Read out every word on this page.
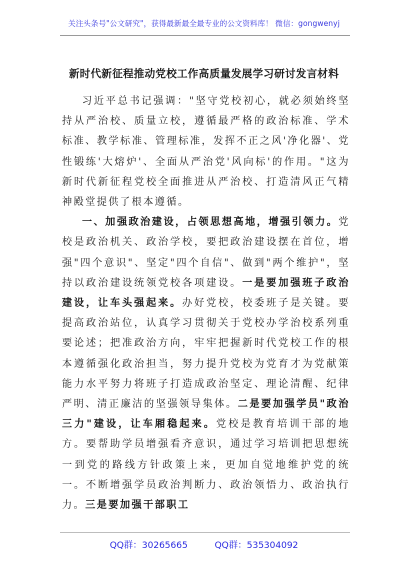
关注头条号"公文研究"，获得最新最全最专业的公文资料库！ 微信：gongwenyj
新时代新征程推动党校工作高质量发展学习研讨发言材料

习近平总书记强调："坚守党校初心，就必须始终坚持从严治校、质量立校，遵循最严格的政治标准、学术标准、教学标准、管理标准，发挥不正之风'净化器'、党性锻练'大熔炉'、全面从严治党'风向标'的作用。"这为新时代新征程党校全面推进从严治校、打造清风正气精神殿堂提供了根本遵循。

一、加强政治建设，占领思想高地，增强引领力。党校是政治机关、政治学校，要把政治建设摆在首位，增强"四个意识"、坚定"四个自信"、做到"两个维护"，坚持以政治建设统领党校各项建设。一是要加强班子政治建设，让车头强起来。办好党校，校委班子是关键。要提高政治站位，认真学习贯彻关于党校办学治校系列重要论述；把准政治方向，牢牢把握新时代党校工作的根本遵循强化政治担当，努力提升党校为党育才为党献策能力水平努力将班子打造成政治坚定、理论清醒、纪律严明、清正廉洁的坚强领导集体。二是要加强学员"政治三力"建设，让车厢稳起来。党校是教育培训干部的地方。要帮助学员增强看齐意识，通过学习培训把思想统一到党的路线方针政策上来，更加自觉地维护党的统一。不断增强学员政治判断力、政治领悟力、政治执行力。三是要加强干部职工

QQ群：30265665	QQ群：535304092
